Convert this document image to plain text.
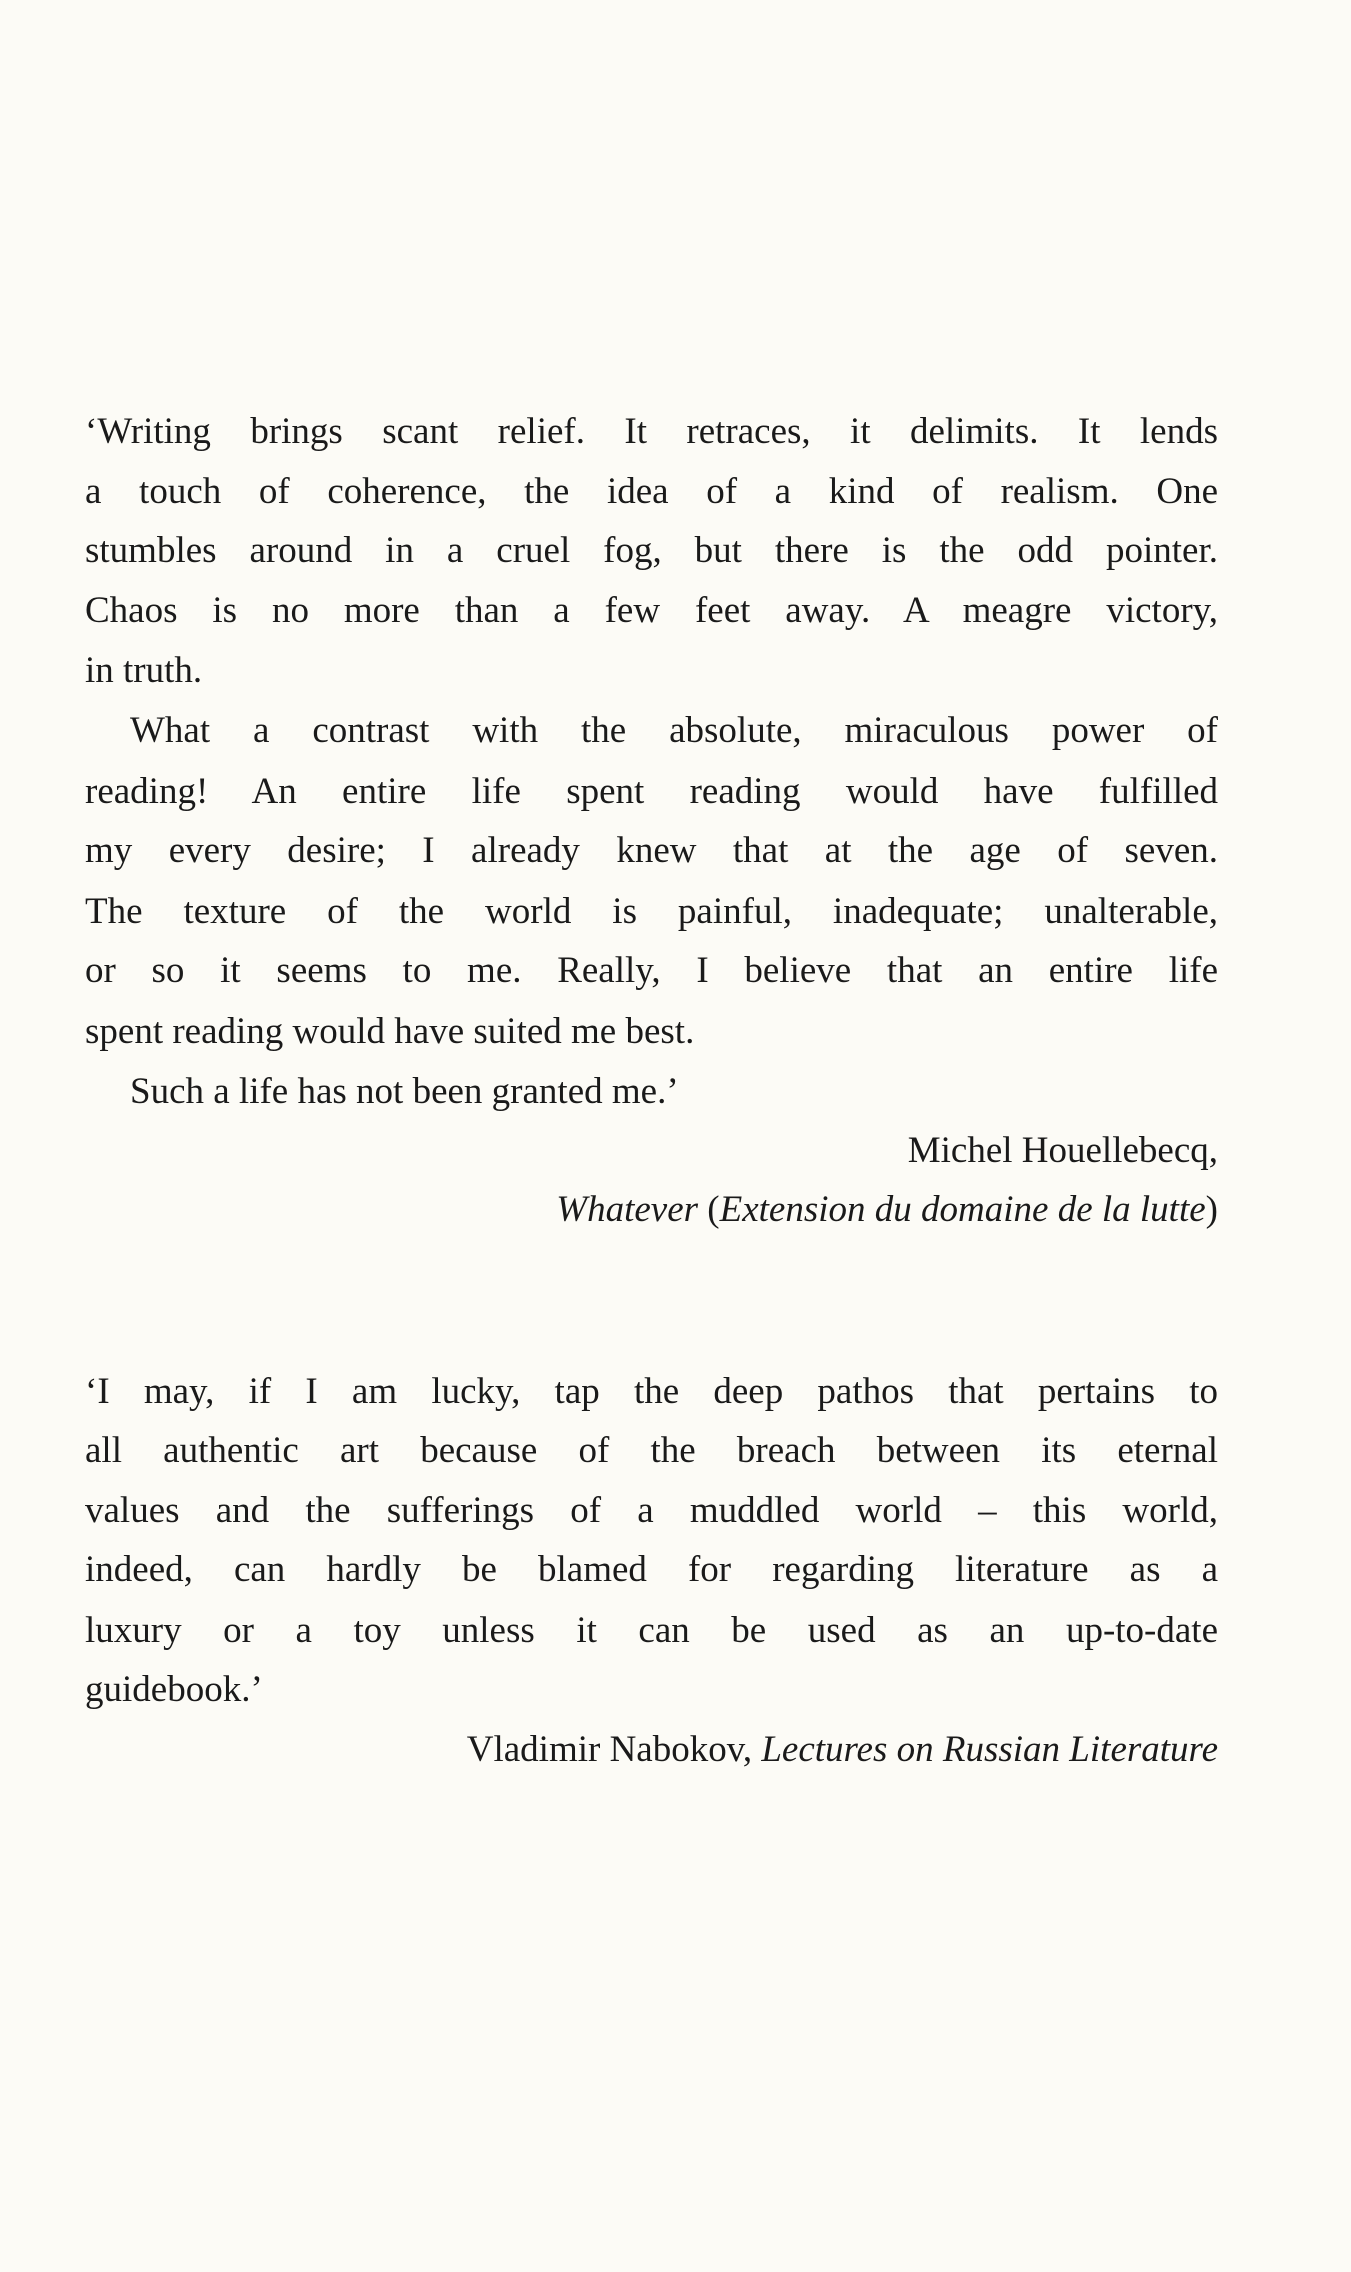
‘Writing brings scant relief. It retraces, it delimits. It lends
a touch of coherence, the idea of a kind of realism. One
stumbles around in a cruel fog, but there is the odd pointer.
Chaos is no more than a few feet away. A meagre victory,
in truth.
What a contrast with the absolute, miraculous power of
reading! An entire life spent reading would have fulfilled
my every desire; I already knew that at the age of seven.
The texture of the world is painful, inadequate; unalterable,
or so it seems to me. Really, I believe that an entire life
spent reading would have suited me best.
Such a life has not been granted me.’
Michel Houellebecq,
Whatever (Extension du domaine de la lutte)
‘I may, if I am lucky, tap the deep pathos that pertains to
all authentic art because of the breach between its eternal
values and the sufferings of a muddled world – this world,
indeed, can hardly be blamed for regarding literature as a
luxury or a toy unless it can be used as an up-to-date
guidebook.’
Vladimir Nabokov, Lectures on Russian Literature
